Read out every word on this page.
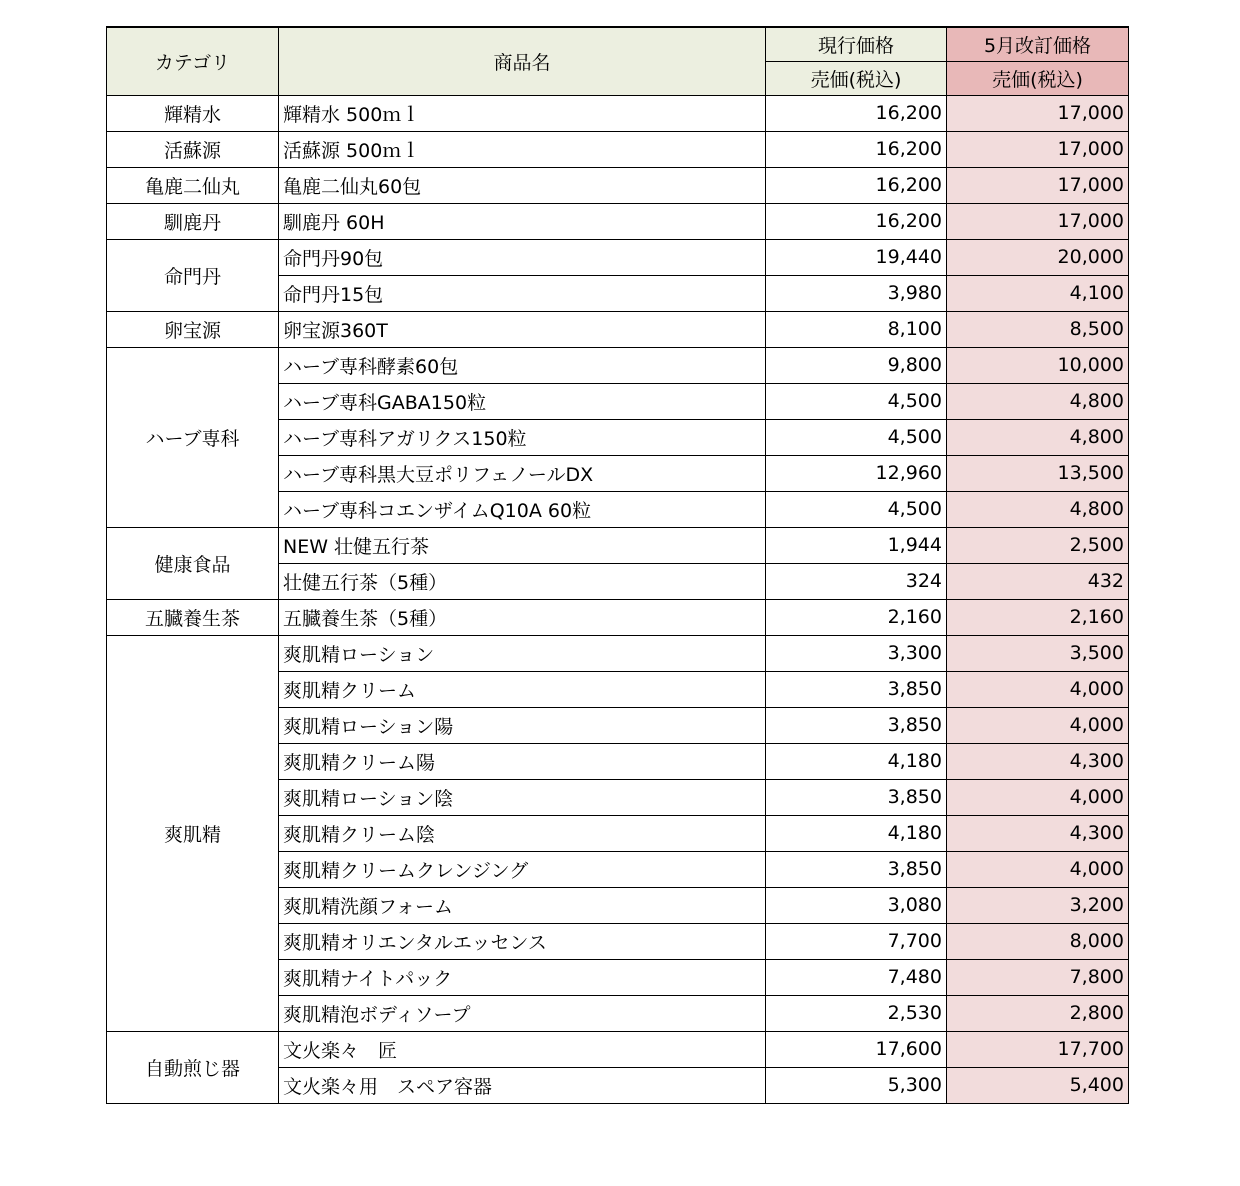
カテゴリ	商品名	現行価格	5月改訂価格
		売価(税込)	売価(税込)
輝精水	輝精水 500ｍｌ	16,200	17,000
活蘇源	活蘇源 500ｍｌ	16,200	17,000
亀鹿二仙丸	亀鹿二仙丸60包	16,200	17,000
馴鹿丹	馴鹿丹 60H	16,200	17,000
命門丹	命門丹90包	19,440	20,000
	命門丹15包	3,980	4,100
卵宝源	卵宝源360T	8,100	8,500
ハーブ専科	ハーブ専科酵素60包	9,800	10,000
	ハーブ専科GABA150粒	4,500	4,800
	ハーブ専科アガリクス150粒	4,500	4,800
	ハーブ専科黒大豆ポリフェノールDX	12,960	13,500
	ハーブ専科コエンザイムQ10A 60粒	4,500	4,800
健康食品	NEW 壮健五行茶	1,944	2,500
	壮健五行茶（5種）	324	432
五臓養生茶	五臓養生茶（5種）	2,160	2,160
爽肌精	爽肌精ローション	3,300	3,500
	爽肌精クリーム	3,850	4,000
	爽肌精ローション陽	3,850	4,000
	爽肌精クリーム陽	4,180	4,300
	爽肌精ローション陰	3,850	4,000
	爽肌精クリーム陰	4,180	4,300
	爽肌精クリームクレンジング	3,850	4,000
	爽肌精洗顔フォーム	3,080	3,200
	爽肌精オリエンタルエッセンス	7,700	8,000
	爽肌精ナイトパック	7,480	7,800
	爽肌精泡ボディソープ	2,530	2,800
自動煎じ器	文火楽々　匠	17,600	17,700
	文火楽々用　スペア容器	5,300	5,400
